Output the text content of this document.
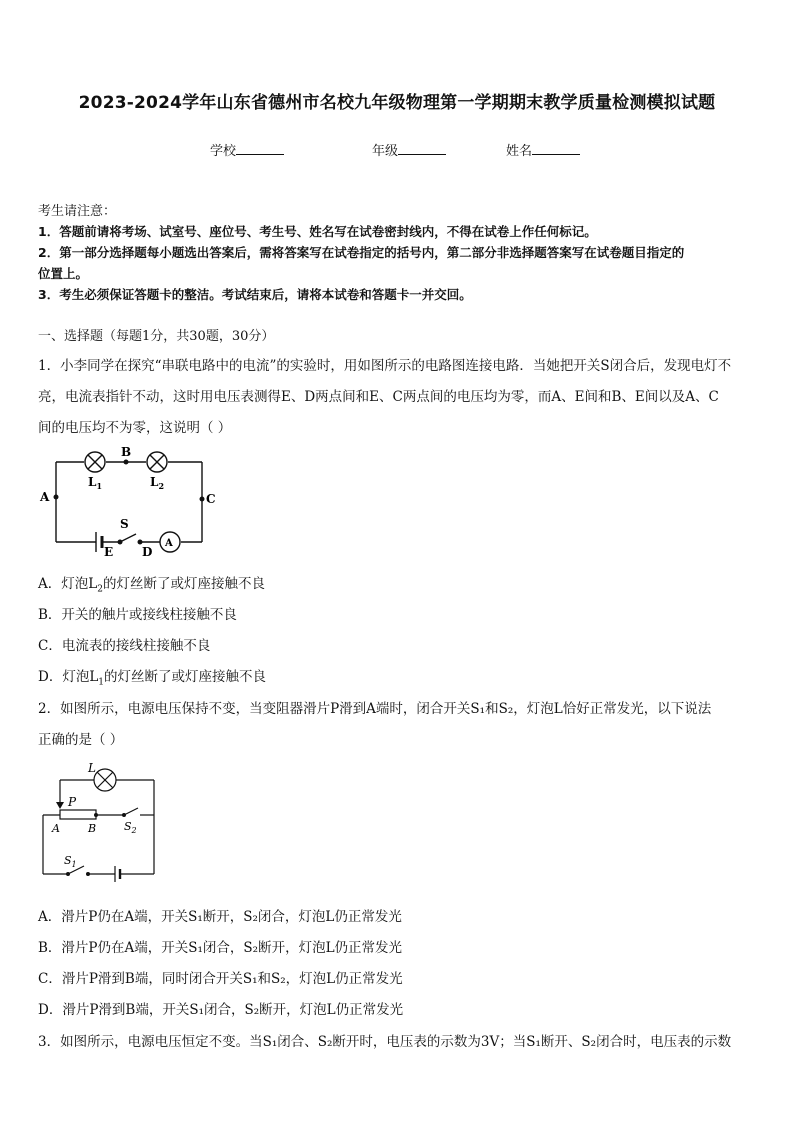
2023-2024学年山东省德州市名校九年级物理第一学期期末教学质量检测模拟试题
学校	年级	姓名
考生请注意：
1．答题前请将考场、试室号、座位号、考生号、姓名写在试卷密封线内，不得在试卷上作任何标记。
2．第一部分选择题每小题选出答案后，需将答案写在试卷指定的括号内，第二部分非选择题答案写在试卷题目指定的
位置上。
3．考生必须保证答题卡的整洁。考试结束后，请将本试卷和答题卡一并交回。
一、选择题（每题1分，共30题，30分）
1．小李同学在探究“串联电路中的电流”的实验时，用如图所示的电路图连接电路．当她把开关S闭合后，发现电灯不
亮，电流表指针不动，这时用电压表测得E、D两点间和E、C两点间的电压均为零，而A、E间和B、E间以及A、C
间的电压均不为零，这说明（ ）
B
A	C
S
E D
A
$L_1$	$L_2$
A．灯泡$L_2$的灯丝断了或灯座接触不良
B．开关的触片或接线柱接触不良
C．电流表的接线柱接触不良
D．灯泡$L_1$的灯丝断了或灯座接触不良
2．如图所示，电源电压保持不变，当变阻器滑片P滑到A端时，闭合开关S₁和S₂，灯泡L恰好正常发光，以下说法
正确的是（ ）
L
P
A	B	$S_2$
$S_1$
A．滑片P仍在A端，开关S₁断开，S₂闭合，灯泡L仍正常发光
B．滑片P仍在A端，开关S₁闭合，S₂断开，灯泡L仍正常发光
C．滑片P滑到B端，同时闭合开关S₁和S₂，灯泡L仍正常发光
D．滑片P滑到B端，开关S₁闭合，S₂断开，灯泡L仍正常发光
3．如图所示，电源电压恒定不变。当S₁闭合、S₂断开时，电压表的示数为3V；当S₁断开、S₂闭合时，电压表的示数
